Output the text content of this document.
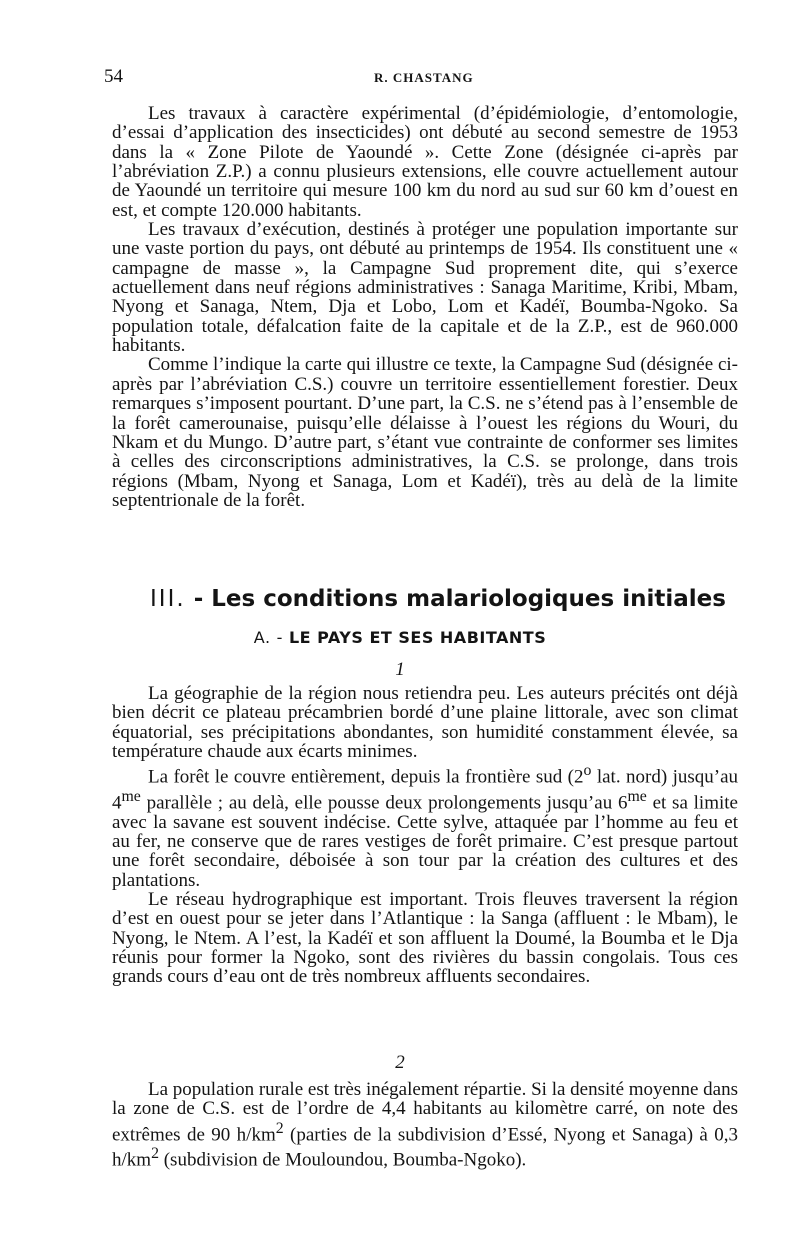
54	R. CHASTANG

Les travaux à caractère expérimental (d’épidémiologie, d’entomologie, d’essai d’application des insecticides) ont débuté au second semestre de 1953 dans la « Zone Pilote de Yaoundé ». Cette Zone (désignée ci-après par l’abréviation Z.P.) a connu plusieurs extensions, elle couvre actuellement autour de Yaoundé un territoire qui mesure 100 km du nord au sud sur 60 km d’ouest en est, et compte 120.000 habitants.

Les travaux d’exécution, destinés à protéger une population importante sur une vaste portion du pays, ont débuté au printemps de 1954. Ils constituent une « campagne de masse », la Campagne Sud proprement dite, qui s’exerce actuellement dans neuf régions administratives : Sanaga Maritime, Kribi, Mbam, Nyong et Sanaga, Ntem, Dja et Lobo, Lom et Kadéï, Boumba-Ngoko. Sa population totale, défalcation faite de la capitale et de la Z.P., est de 960.000 habitants.

Comme l’indique la carte qui illustre ce texte, la Campagne Sud (désignée ci-après par l’abréviation C.S.) couvre un territoire essentiellement forestier. Deux remarques s’imposent pourtant. D’une part, la C.S. ne s’étend pas à l’ensemble de la forêt camerounaise, puisqu’elle délaisse à l’ouest les régions du Wouri, du Nkam et du Mungo. D’autre part, s’étant vue contrainte de conformer ses limites à celles des circonscriptions administratives, la C.S. se prolonge, dans trois régions (Mbam, Nyong et Sanaga, Lom et Kadéï), très au delà de la limite septentrionale de la forêt.

III. - Les conditions malariologiques initiales
A. - LE PAYS ET SES HABITANTS
1

La géographie de la région nous retiendra peu. Les auteurs précités ont déjà bien décrit ce plateau précambrien bordé d’une plaine littorale, avec son climat équatorial, ses précipitations abondantes, son humidité constamment élevée, sa température chaude aux écarts minimes.

La forêt le couvre entièrement, depuis la frontière sud (2$^o$ lat. nord) jusqu’au $4^{me}$ parallèle ; au delà, elle pousse deux prolongements jusqu’au $6^{me}$ et sa limite avec la savane est souvent indécise. Cette sylve, attaquée par l’homme au feu et au fer, ne conserve que de rares vestiges de forêt primaire. C’est presque partout une forêt secondaire, déboisée à son tour par la création des cultures et des plantations.

Le réseau hydrographique est important. Trois fleuves traversent la région d’est en ouest pour se jeter dans l’Atlantique : la Sanga (affluent : le Mbam), le Nyong, le Ntem. A l’est, la Kadéï et son affluent la Doumé, la Boumba et le Dja réunis pour former la Ngoko, sont des rivières du bassin congolais. Tous ces grands cours d’eau ont de très nombreux affluents secondaires.

2

La population rurale est très inégalement répartie. Si la densité moyenne dans la zone de C.S. est de l’ordre de 4,4 habitants au kilomètre carré, on note des extrêmes de 90 $h/km^2$ (parties de la subdivision d’Essé, Nyong et Sanaga) à 0,3 $h/km^2$ (subdivision de Mouloundou, Boumba-Ngoko).
